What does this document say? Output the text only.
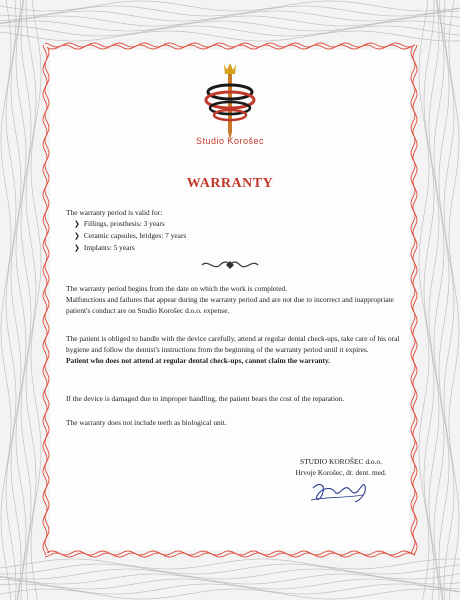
Studio Korošec
WARRANTY
The warranty period is valid for:
❯ Fillings, prosthesis: 3 years
❯ Ceramic capsules, bridges: 7 years
❯ Implants: 5 years
The warranty period begins from the date on which the work is completed.
Malfunctions and failures that appear during the warranty period and are not due to incorrect and inappropriate patient's conduct are on Studio Korošec d.o.o. expense.
The patient is obliged to handle with the device carefully, attend at regular dental check-ups, take care of his oral hygiene and follow the dentist's instructions from the beginning of the warranty period until it expires.
Patient who does not attend at regular dental check-ups, cannot claim the warranty.
If the device is damaged due to improper handling, the patient bears the cost of the reparation.
The warranty does not include teeth as biological unit.
STUDIO KOROŠEC d.o.o.
Hrvoje Korošec, dr. dent. med.
